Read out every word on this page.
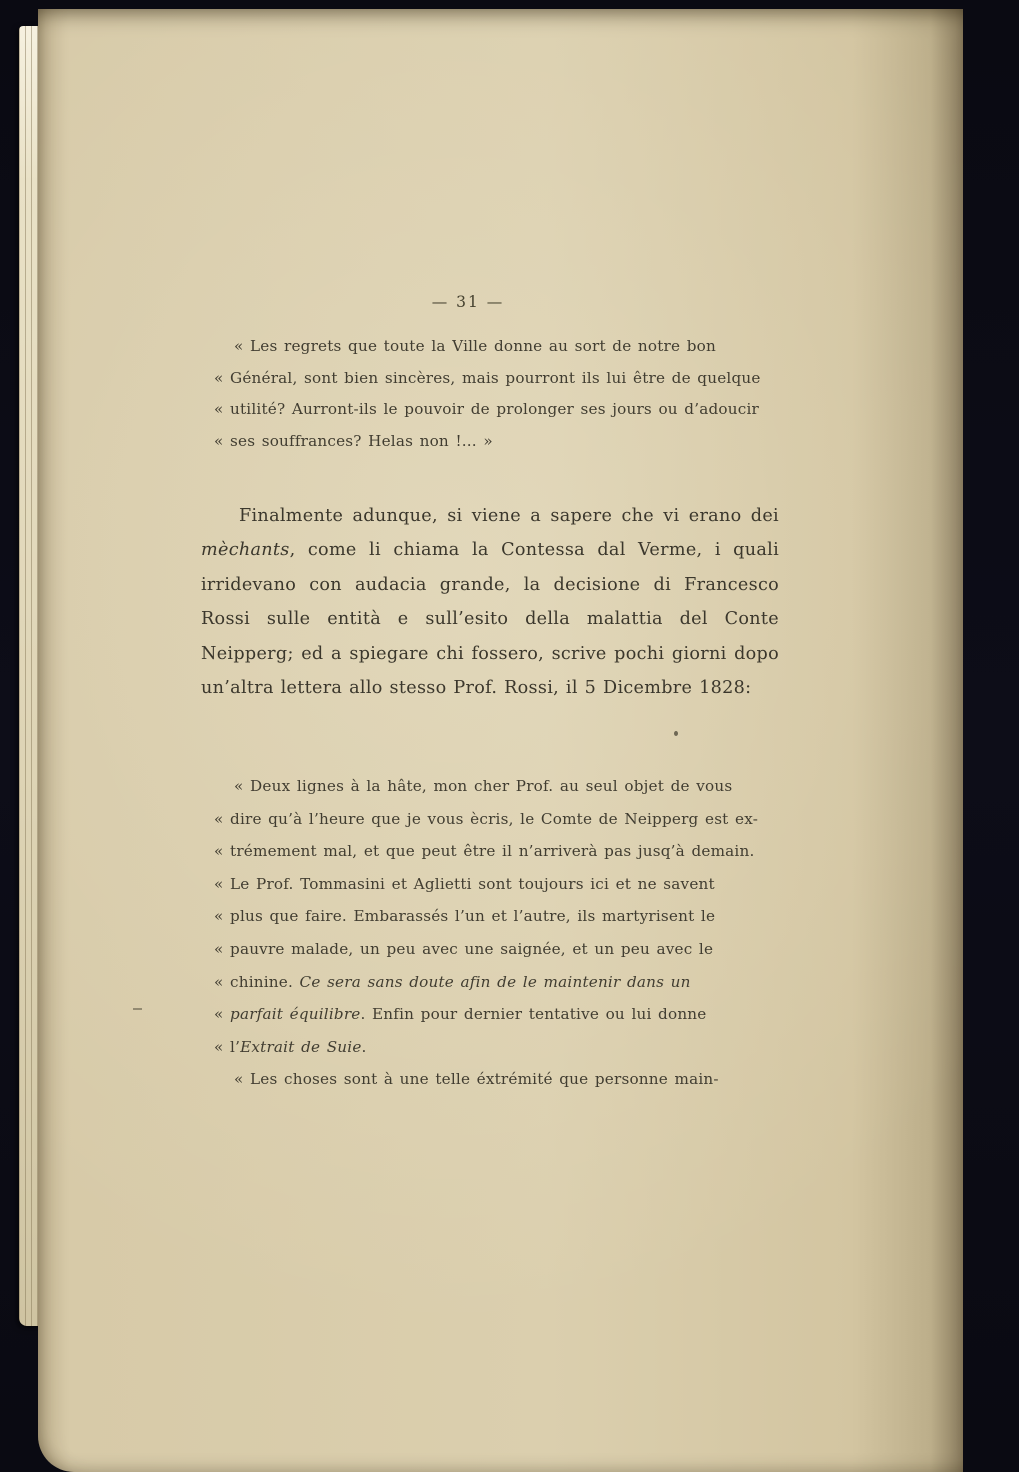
— 31 —
« Les regrets que toute la Ville donne au sort de notre bon
« Général, sont bien sincères, mais pourront ils lui être de quelque
« utilité? Aurront-ils le pouvoir de prolonger ses jours ou d’adoucir
« ses souffrances? Helas non !... »
Finalmente adunque, si viene a sapere che vi erano dei mèchants, come li chiama la Contessa dal Verme, i quali irridevano con audacia grande, la decisione di Francesco Rossi sulle entità e sull’esito della malattia del Conte Neipperg; ed a spiegare chi fossero, scrive pochi giorni dopo un’altra lettera allo stesso Prof. Rossi, il 5 Dicembre 1828:
« Deux lignes à la hâte, mon cher Prof. au seul objet de vous
« dire qu’à l’heure que je vous ècris, le Comte de Neipperg est ex-
« trémement mal, et que peut être il n’arriverà pas jusq’à demain.
« Le Prof. Tommasini et Aglietti sont toujours ici et ne savent
« plus que faire. Embarassés l’un et l’autre, ils martyrisent le
« pauvre malade, un peu avec une saignée, et un peu avec le
« chinine. Ce sera sans doute afin de le maintenir dans un
« parfait équilibre. Enfin pour dernier tentative ou lui donne
« l’Extrait de Suie.
« Les choses sont à une telle éxtrémité que personne main-
